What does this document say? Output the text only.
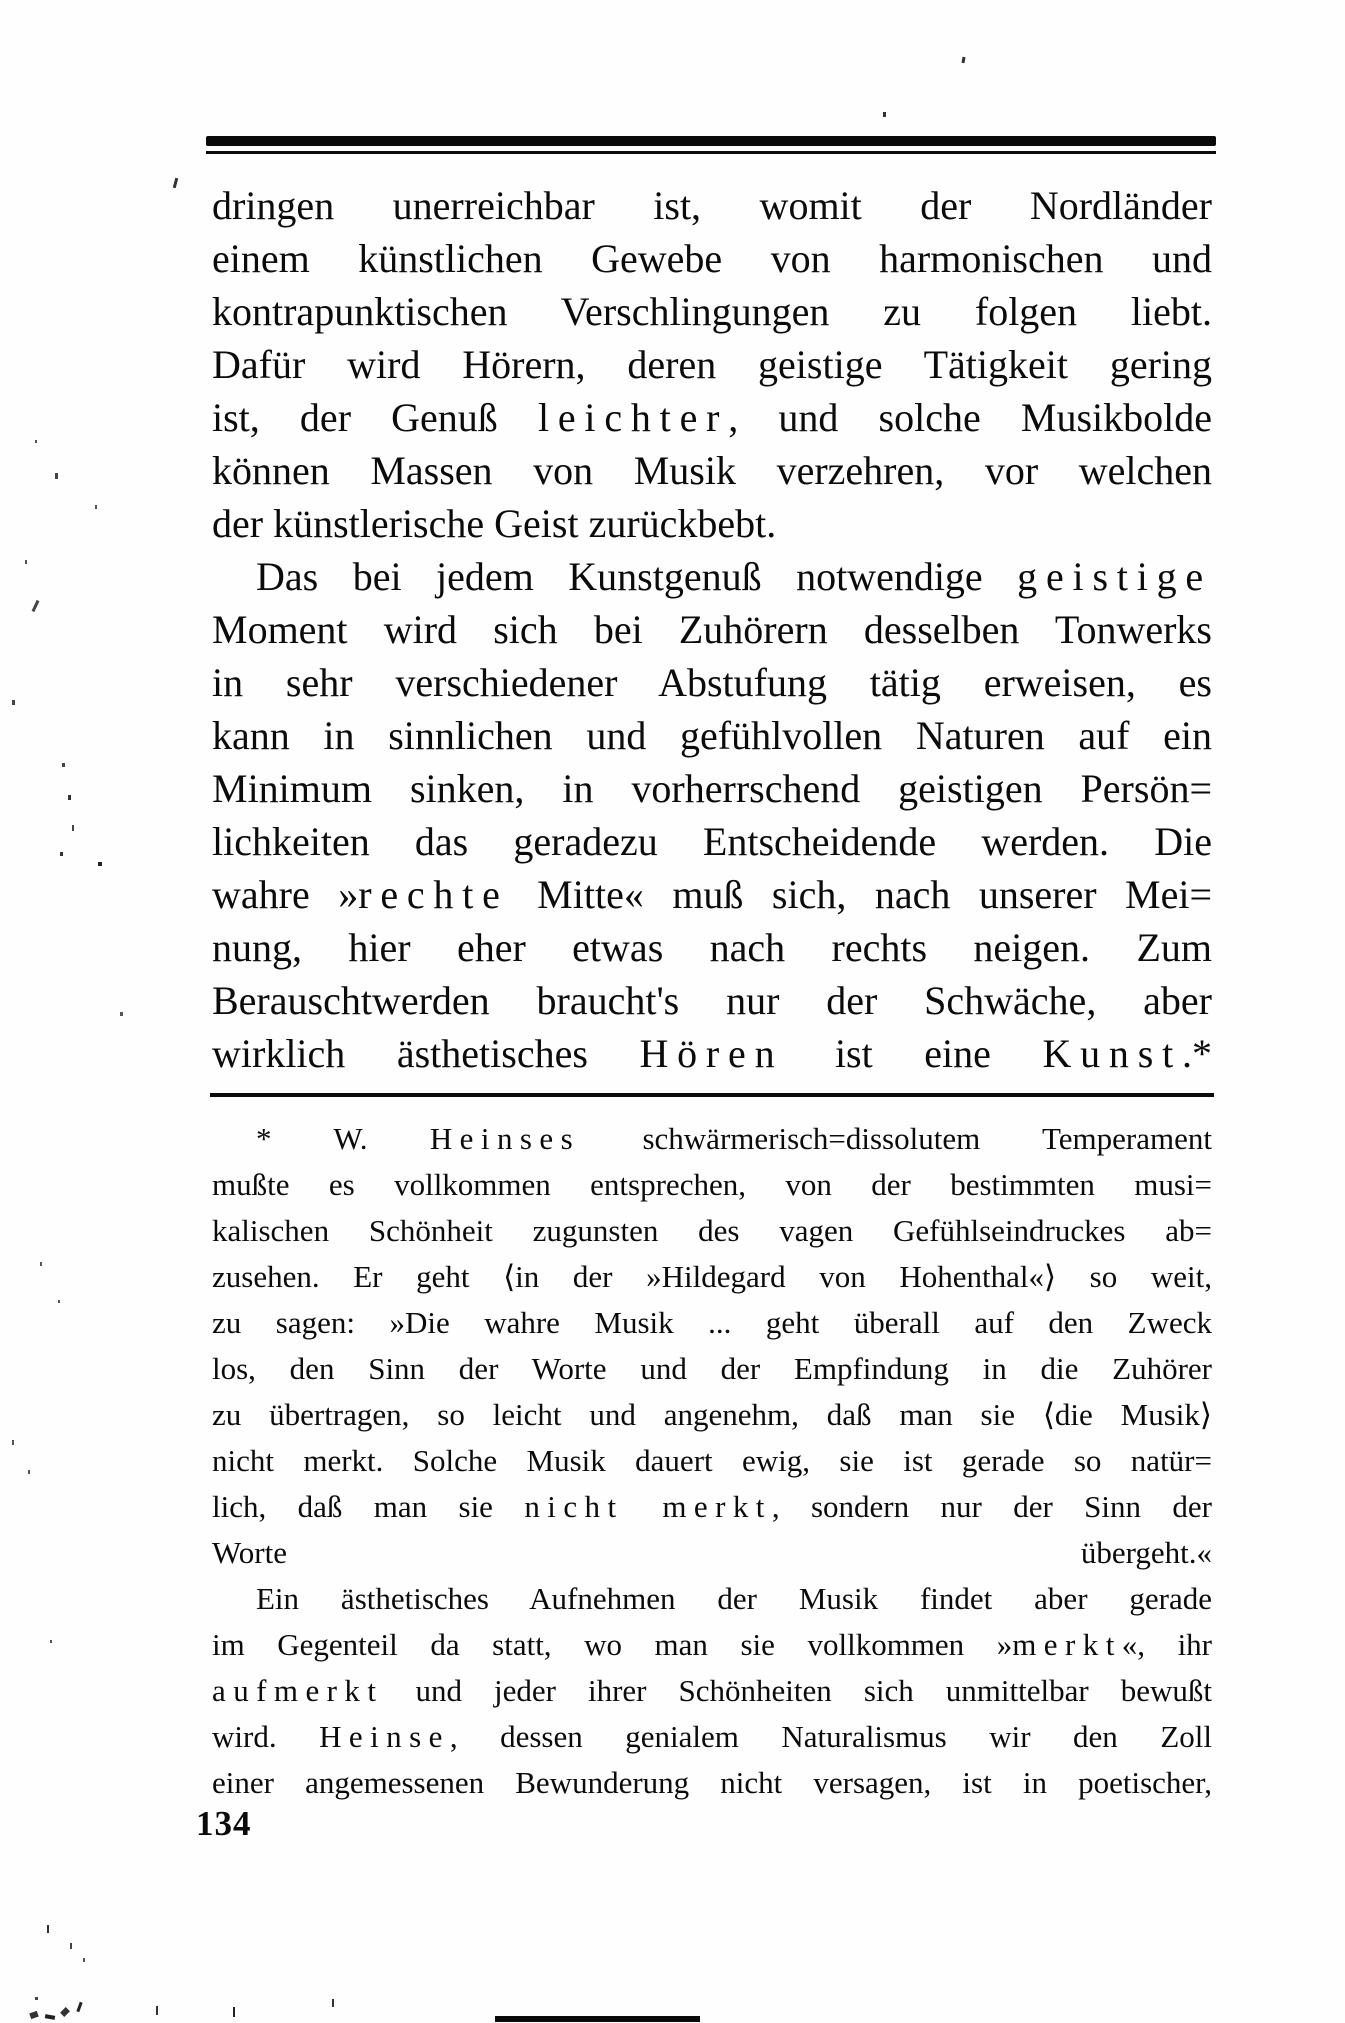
dringen unerreichbar ist, womit der Nordländer
einem künstlichen Gewebe von harmonischen und
kontrapunktischen Verschlingungen zu folgen liebt.
Dafür wird Hörern, deren geistige Tätigkeit gering
ist, der Genuß leichter, und solche Musikbolde
können Massen von Musik verzehren, vor welchen
der künstlerische Geist zurückbebt.
Das bei jedem Kunstgenuß notwendige geistige
Moment wird sich bei Zuhörern desselben Tonwerks
in sehr verschiedener Abstufung tätig erweisen, es
kann in sinnlichen und gefühlvollen Naturen auf ein
Minimum sinken, in vorherrschend geistigen Persön=
lichkeiten das geradezu Entscheidende werden. Die
wahre »rechte Mitte« muß sich, nach unserer Mei=
nung, hier eher etwas nach rechts neigen. Zum
Berauschtwerden braucht's nur der Schwäche, aber
wirklich ästhetisches Hören ist eine Kunst.*
* W. Heinses schwärmerisch=dissolutem Temperament
mußte es vollkommen entsprechen, von der bestimmten musi=
kalischen Schönheit zugunsten des vagen Gefühlseindruckes ab=
zusehen. Er geht ⟨in der »Hildegard von Hohenthal«⟩ so weit,
zu sagen: »Die wahre Musik ... geht überall auf den Zweck
los, den Sinn der Worte und der Empfindung in die Zuhörer
zu übertragen, so leicht und angenehm, daß man sie ⟨die Musik⟩
nicht merkt. Solche Musik dauert ewig, sie ist gerade so natür=
lich, daß man sie nicht merkt, sondern nur der Sinn der
Worte übergeht.«
Ein ästhetisches Aufnehmen der Musik findet aber gerade
im Gegenteil da statt, wo man sie vollkommen »merkt«, ihr
aufmerkt und jeder ihrer Schönheiten sich unmittelbar bewußt
wird. Heinse, dessen genialem Naturalismus wir den Zoll
einer angemessenen Bewunderung nicht versagen, ist in poetischer,
134
